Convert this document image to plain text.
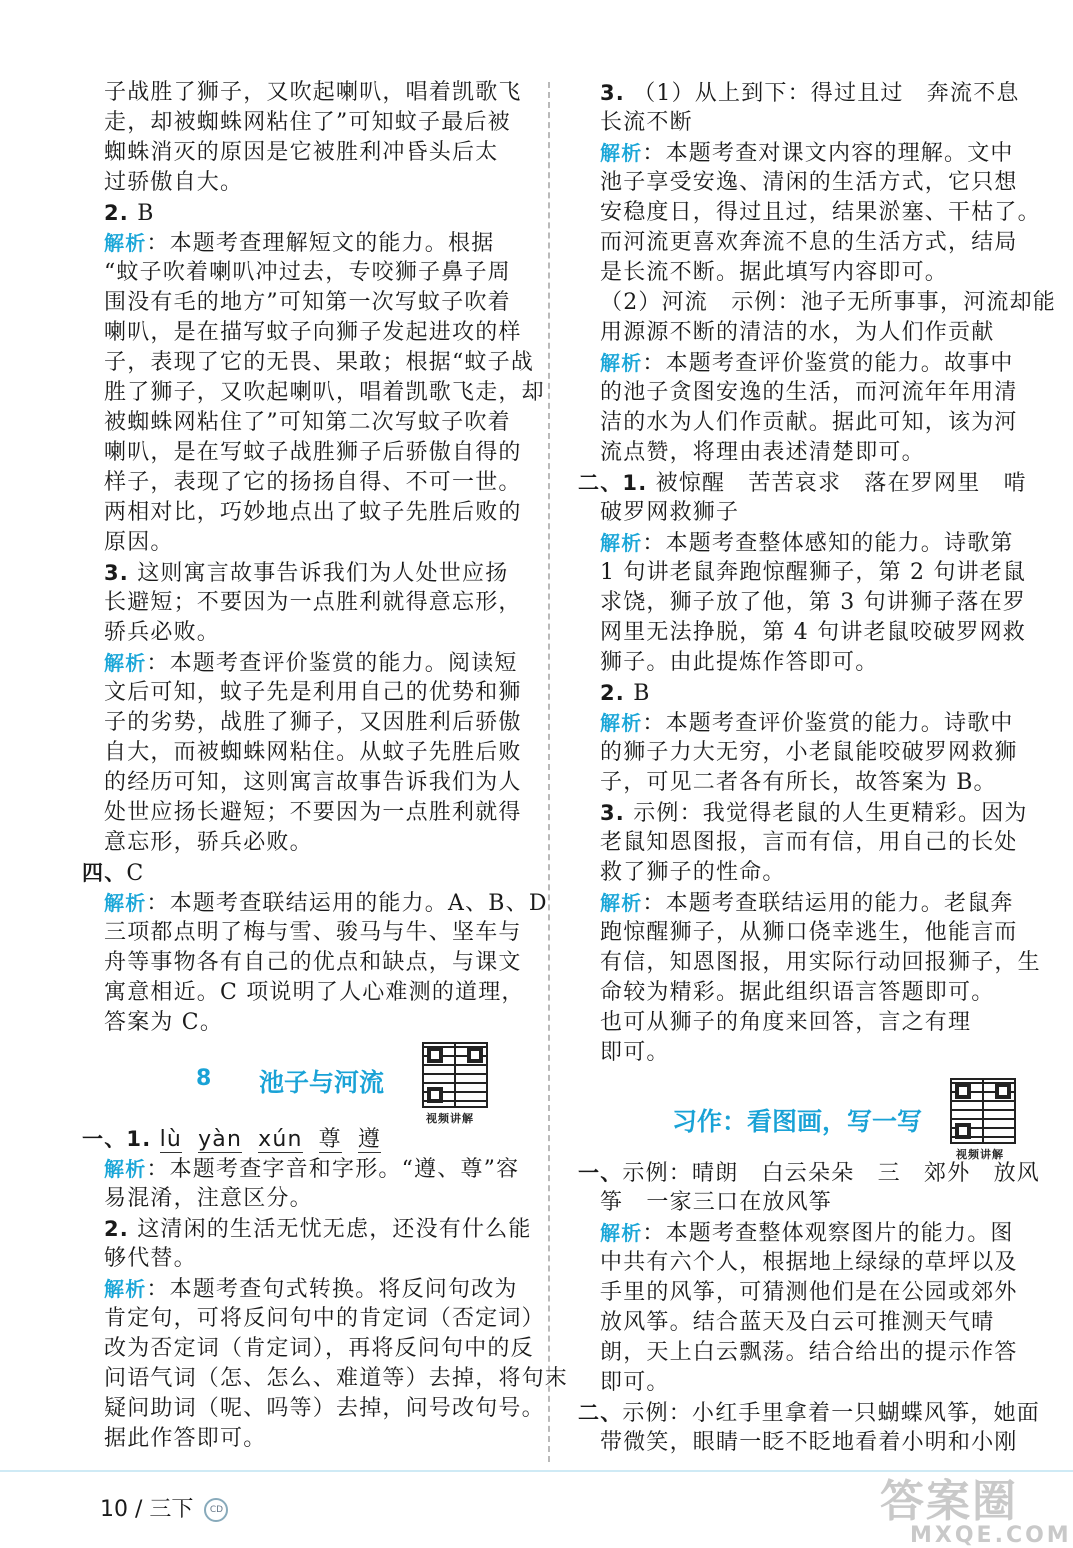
子战胜了狮子，又吹起喇叭，唱着凯歌飞
走，却被蜘蛛网粘住了”可知蚊子最后被
蜘蛛消灭的原因是它被胜利冲昏头后太
过骄傲自大。
2. B
解析：本题考查理解短文的能力。根据
“蚊子吹着喇叭冲过去，专咬狮子鼻子周
围没有毛的地方”可知第一次写蚊子吹着
喇叭，是在描写蚊子向狮子发起进攻的样
子，表现了它的无畏、果敢；根据“蚊子战
胜了狮子，又吹起喇叭，唱着凯歌飞走，却
被蜘蛛网粘住了”可知第二次写蚊子吹着
喇叭，是在写蚊子战胜狮子后骄傲自得的
样子，表现了它的扬扬自得、不可一世。
两相对比，巧妙地点出了蚊子先胜后败的
原因。
3. 这则寓言故事告诉我们为人处世应扬
长避短；不要因为一点胜利就得意忘形，
骄兵必败。
解析：本题考查评价鉴赏的能力。阅读短
文后可知，蚊子先是利用自己的优势和狮
子的劣势，战胜了狮子，又因胜利后骄傲
自大，而被蜘蛛网粘住。从蚊子先胜后败
的经历可知，这则寓言故事告诉我们为人
处世应扬长避短；不要因为一点胜利就得
意忘形，骄兵必败。
四、C
解析：本题考查联结运用的能力。A、B、D
三项都点明了梅与雪、骏马与牛、坚车与
舟等事物各有自己的优点和缺点，与课文
寓意相近。C 项说明了人心难测的道理，
答案为 C。
8 池子与河流
视频讲解
一、1. lù yàn xún 尊 遵
解析：本题考查字音和字形。“遵、尊”容
易混淆，注意区分。
2. 这清闲的生活无忧无虑，还没有什么能
够代替。
解析：本题考查句式转换。将反问句改为
肯定句，可将反问句中的肯定词（否定词）
改为否定词（肯定词），再将反问句中的反
问语气词（怎、怎么、难道等）去掉，将句末
疑问助词（呢、吗等）去掉，问号改句号。
据此作答即可。
3. （1）从上到下：得过且过　奔流不息
长流不断
解析：本题考查对课文内容的理解。文中
池子享受安逸、清闲的生活方式，它只想
安稳度日，得过且过，结果淤塞、干枯了。
而河流更喜欢奔流不息的生活方式，结局
是长流不断。据此填写内容即可。
（2）河流　示例：池子无所事事，河流却能
用源源不断的清洁的水，为人们作贡献
解析：本题考查评价鉴赏的能力。故事中
的池子贪图安逸的生活，而河流年年用清
洁的水为人们作贡献。据此可知，该为河
流点赞，将理由表述清楚即可。
二、1. 被惊醒　苦苦哀求　落在罗网里　啃
破罗网救狮子
解析：本题考查整体感知的能力。诗歌第
1 句讲老鼠奔跑惊醒狮子，第 2 句讲老鼠
求饶，狮子放了他，第 3 句讲狮子落在罗
网里无法挣脱，第 4 句讲老鼠咬破罗网救
狮子。由此提炼作答即可。
2. B
解析：本题考查评价鉴赏的能力。诗歌中
的狮子力大无穷，小老鼠能咬破罗网救狮
子，可见二者各有所长，故答案为 B。
3. 示例：我觉得老鼠的人生更精彩。因为
老鼠知恩图报，言而有信，用自己的长处
救了狮子的性命。
解析：本题考查联结运用的能力。老鼠奔
跑惊醒狮子，从狮口侥幸逃生，他能言而
有信，知恩图报，用实际行动回报狮子，生
命较为精彩。据此组织语言答题即可。
也可从狮子的角度来回答，言之有理
即可。
习作：看图画，写一写
视频讲解
一、示例：晴朗　白云朵朵　三　郊外　放风
筝　一家三口在放风筝
解析：本题考查整体观察图片的能力。图
中共有六个人，根据地上绿绿的草坪以及
手里的风筝，可猜测他们是在公园或郊外
放风筝。结合蓝天及白云可推测天气晴
朗，天上白云飘荡。结合给出的提示作答
即可。
二、示例：小红手里拿着一只蝴蝶风筝，她面
带微笑，眼睛一眨不眨地看着小明和小刚
10 / 三下 CD	答案圈
MXQE.COM
